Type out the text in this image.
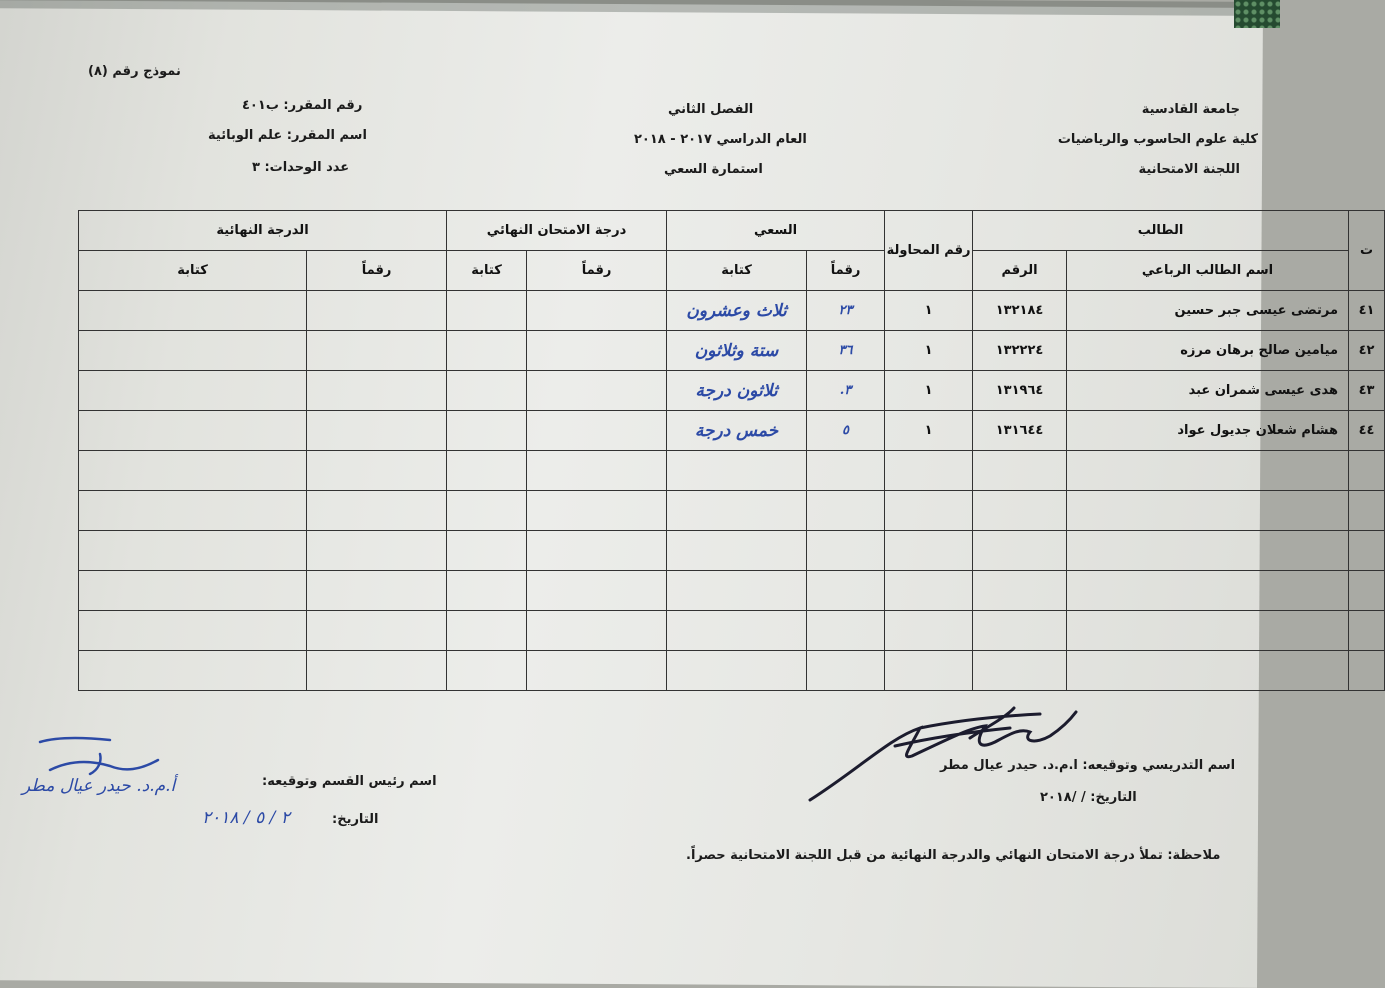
نموذج رقم (٨)
جامعة القادسية
كلية علوم الحاسوب والرياضيات
اللجنة الامتحانية
الفصل الثاني
العام الدراسي ٢٠١٧ - ٢٠١٨
استمارة السعي
رقم المقرر: ب٤٠١
اسم المقرر: علم الوبائية
عدد الوحدات: ٣
ت	الطالب		رقم المحاولة	السعي		درجة الامتحان النهائي		الدرجة النهائية	
	اسم الطالب الرباعي	الرقم		رقماً	كتابة	رقماً	كتابة	رقماً	كتابة
٤١	مرتضى عيسى جبر حسين	١٣٢١٨٤	١	٢٣	ثلاث وعشرون				
٤٢	ميامين صالح برهان مرزه	١٣٢٢٢٤	١	٣٦	ستة وثلاثون				
٤٣	هدى عيسى شمران عبد	١٣١٩٦٤	١	٣.	ثلاثون درجة				
٤٤	هشام شعلان جديول عواد	١٣١٦٤٤	١	٥	خمس درجة				

اسم التدريسي وتوقيعه: ا.م.د. حيدر عيال مطر
التاريخ: / /٢٠١٨
اسم رئيس القسم وتوقيعه:
أ.م.د. حيدر عيال مطر
التاريخ:
٢ / ٥ / ٢٠١٨
ملاحظة: تملأ درجة الامتحان النهائي والدرجة النهائية من قبل اللجنة الامتحانية حصراً.
